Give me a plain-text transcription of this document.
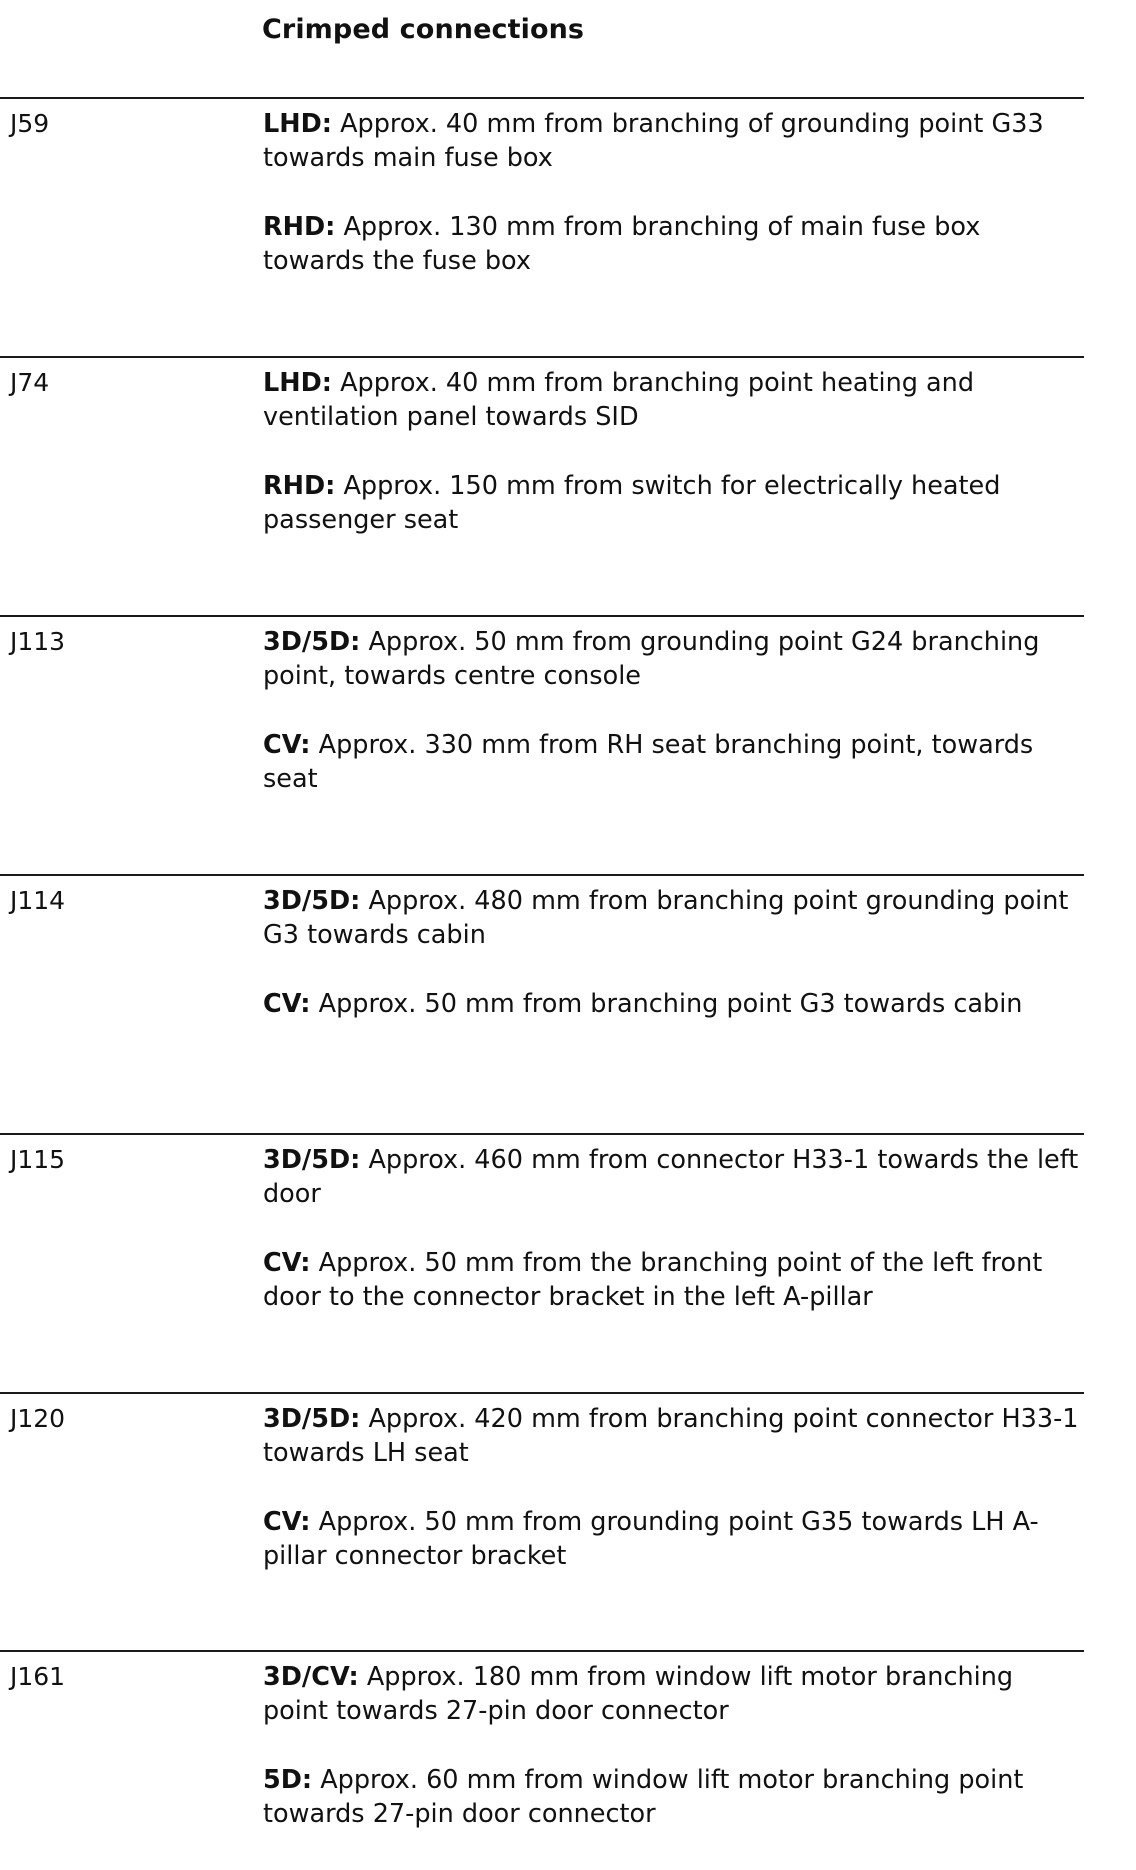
Crimped connections

J59	LHD: Approx. 40 mm from branching of grounding point G33 towards main fuse box

RHD: Approx. 130 mm from branching of main fuse box towards the fuse box

J74	LHD: Approx. 40 mm from branching point heating and ventilation panel towards SID

RHD: Approx. 150 mm from switch for electrically heated passenger seat

J113	3D/5D: Approx. 50 mm from grounding point G24 branching point, towards centre console

CV: Approx. 330 mm from RH seat branching point, towards seat

J114	3D/5D: Approx. 480 mm from branching point grounding point G3 towards cabin

CV: Approx. 50 mm from branching point G3 towards cabin

J115	3D/5D: Approx. 460 mm from connector H33-1 towards the left door

CV: Approx. 50 mm from the branching point of the left front door to the connector bracket in the left A-pillar

J120	3D/5D: Approx. 420 mm from branching point connector H33-1 towards LH seat

CV: Approx. 50 mm from grounding point G35 towards LH A-pillar connector bracket

J161	3D/CV: Approx. 180 mm from window lift motor branching point towards 27-pin door connector

5D: Approx. 60 mm from window lift motor branching point towards 27-pin door connector
